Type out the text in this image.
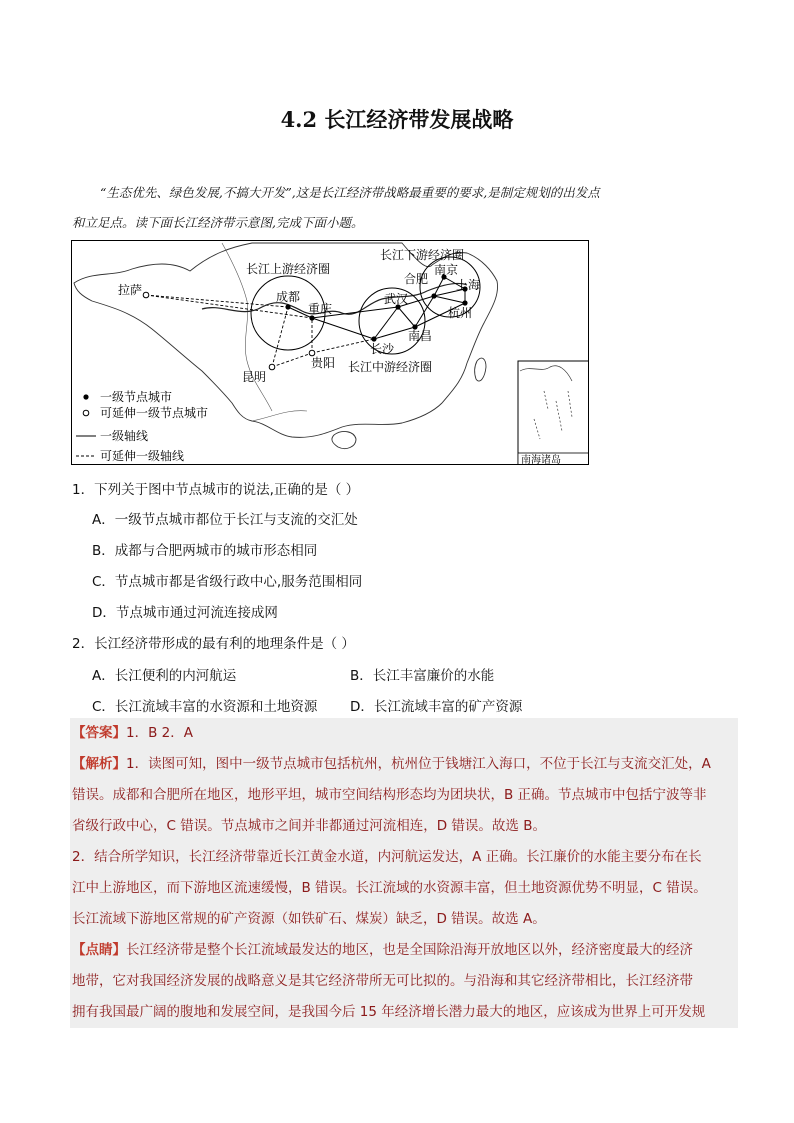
4.2 长江经济带发展战略
“生态优先、绿色发展,不搞大开发”,这是长江经济带战略最重要的要求,是制定规划的出发点
和立足点。读下面长江经济带示意图,完成下面小题。
长江上游经济圈
长江中游经济圈
长江下游经济圈
拉萨	成都
重庆
贵阳
昆明
武汉
长沙
南昌
合肥
南京
上海
杭州
一级节点城市
可延伸一级节点城市
一级轴线
可延伸一级轴线	南海诸岛
1．下列关于图中节点城市的说法,正确的是（ ）
A．一级节点城市都位于长江与支流的交汇处
B．成都与合肥两城市的城市形态相同
C．节点城市都是省级行政中心,服务范围相同
D．节点城市通过河流连接成网
2．长江经济带形成的最有利的地理条件是（ ）
A．长江便利的内河航运	B．长江丰富廉价的水能
C．长江流域丰富的水资源和土地资源 D．长江流域丰富的矿产资源
【答案】1．B 2．A
【解析】1．读图可知，图中一级节点城市包括杭州，杭州位于钱塘江入海口，不位于长江与支流交汇处，A
错误。成都和合肥所在地区，地形平坦，城市空间结构形态均为团块状，B 正确。节点城市中包括宁波等非
省级行政中心，C 错误。节点城市之间并非都通过河流相连，D 错误。故选 B。
2．结合所学知识，长江经济带靠近长江黄金水道，内河航运发达，A 正确。长江廉价的水能主要分布在长
江中上游地区，而下游地区流速缓慢，B 错误。长江流域的水资源丰富，但土地资源优势不明显，C 错误。
长江流域下游地区常规的矿产资源（如铁矿石、煤炭）缺乏，D 错误。故选 A。
【点睛】长江经济带是整个长江流域最发达的地区，也是全国除沿海开放地区以外，经济密度最大的经济
地带，它对我国经济发展的战略意义是其它经济带所无可比拟的。与沿海和其它经济带相比，长江经济带
拥有我国最广阔的腹地和发展空间，是我国今后 15 年经济增长潜力最大的地区，应该成为世界上可开发规
